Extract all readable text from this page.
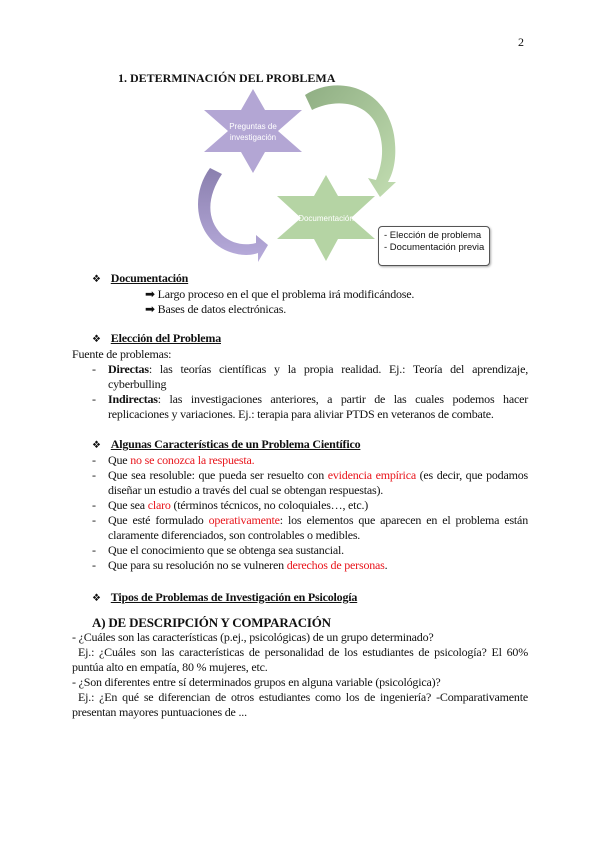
2
1. DETERMINACIÓN DEL PROBLEMA
Preguntas de
investigación
Documentación
- Elección de problema
- Documentación previa
❖ Documentación
➡ Largo proceso en el que el problema irá modificándose.
➡ Bases de datos electrónicas.
❖ Elección del Problema
Fuente de problemas:
- Directas: las teorías científicas y la propia realidad. Ej.: Teoría del aprendizaje, cyberbulling
- Indirectas: las investigaciones anteriores, a partir de las cuales podemos hacer replicaciones y variaciones. Ej.: terapia para aliviar PTDS en veteranos de combate.
❖ Algunas Características de un Problema Científico
- Que no se conozca la respuesta.
- Que sea resoluble: que pueda ser resuelto con evidencia empírica (es decir, que podamos diseñar un estudio a través del cual se obtengan respuestas).
- Que sea claro (términos técnicos, no coloquiales…, etc.)
- Que esté formulado operativamente: los elementos que aparecen en el problema están claramente diferenciados, son controlables o medibles.
- Que el conocimiento que se obtenga sea sustancial.
- Que para su resolución no se vulneren derechos de personas.
❖ Tipos de Problemas de Investigación en Psicología
A) DE DESCRIPCIÓN Y COMPARACIÓN
- ¿Cuáles son las características (p.ej., psicológicas) de un grupo determinado?
Ej.: ¿Cuáles son las características de personalidad de los estudiantes de psicología? El 60% puntúa alto en empatía, 80 % mujeres, etc.
- ¿Son diferentes entre sí determinados grupos en alguna variable (psicológica)?
Ej.: ¿En qué se diferencian de otros estudiantes como los de ingeniería? -Comparativamente presentan mayores puntuaciones de ...
